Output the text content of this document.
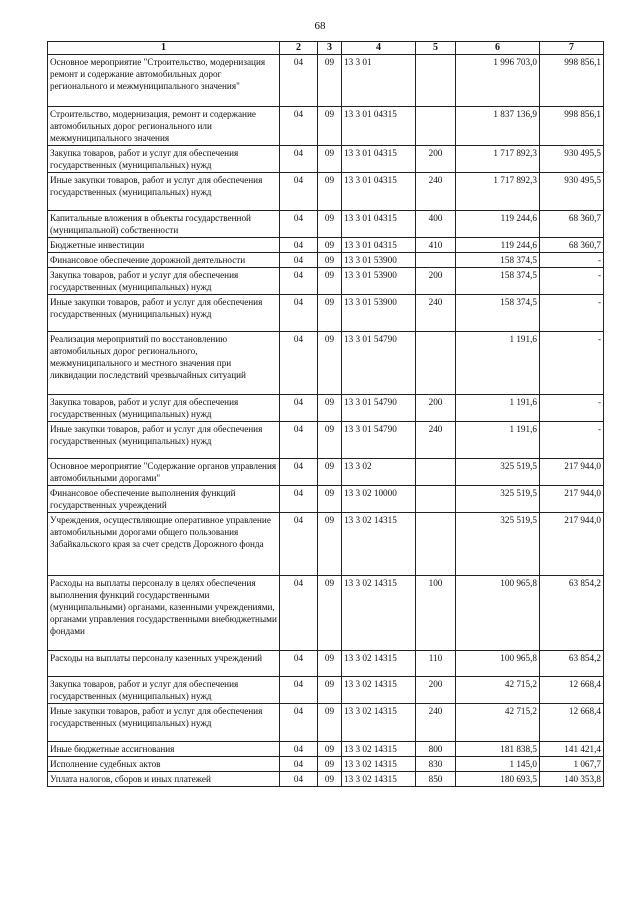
68
1	2	3	4	5	6	7
Основное мероприятие "Строительство, модернизация ремонт и содержание автомобильных дорог регионального и межмуниципального значения"	04	09	13 3 01		1 996 703,0	998 856,1
Строительство, модернизация, ремонт и содержание автомобильных дорог регионального или межмуниципального значения	04	09	13 3 01 04315		1 837 136,9	998 856,1
Закупка товаров, работ и услуг для обеспечения государственных (муниципальных) нужд	04	09	13 3 01 04315	200	1 717 892,3	930 495,5
Иные закупки товаров, работ и услуг для обеспечения государственных (муниципальных) нужд	04	09	13 3 01 04315	240	1 717 892,3	930 495,5
Капитальные вложения в объекты государственной (муниципальной) собственности	04	09	13 3 01 04315	400	119 244,6	68 360,7
Бюджетные инвестиции	04	09	13 3 01 04315	410	119 244,6	68 360,7
Финансовое обеспечение дорожной деятельности	04	09	13 3 01 53900		158 374,5	-
Закупка товаров, работ и услуг для обеспечения государственных (муниципальных) нужд	04	09	13 3 01 53900	200	158 374,5	-
Иные закупки товаров, работ и услуг для обеспечения государственных (муниципальных) нужд	04	09	13 3 01 53900	240	158 374,5	-
Реализация мероприятий по восстановлению автомобильных дорог регионального, межмуниципального и местного значения при ликвидации последствий чрезвычайных ситуаций	04	09	13 3 01 54790		1 191,6	-
Закупка товаров, работ и услуг для обеспечения государственных (муниципальных) нужд	04	09	13 3 01 54790	200	1 191,6	-
Иные закупки товаров, работ и услуг для обеспечения государственных (муниципальных) нужд	04	09	13 3 01 54790	240	1 191,6	-
Основное мероприятие "Содержание органов управления автомобильными дорогами"	04	09	13 3 02		325 519,5	217 944,0
Финансовое обеспечение выполнения функций государственных учреждений	04	09	13 3 02 10000		325 519,5	217 944,0
Учреждения, осуществляющие оперативное управление автомобильными дорогами общего пользования Забайкальского края за счет средств Дорожного фонда	04	09	13 3 02 14315		325 519,5	217 944,0
Расходы на выплаты персоналу в целях обеспечения выполнения функций государственными (муниципальными) органами, казенными учреждениями, органами управления государственными внебюджетными фондами	04	09	13 3 02 14315	100	100 965,8	63 854,2
Расходы на выплаты персоналу казенных учреждений	04	09	13 3 02 14315	110	100 965,8	63 854,2
Закупка товаров, работ и услуг для обеспечения государственных (муниципальных) нужд	04	09	13 3 02 14315	200	42 715,2	12 668,4
Иные закупки товаров, работ и услуг для обеспечения государственных (муниципальных) нужд	04	09	13 3 02 14315	240	42 715,2	12 668,4
Иные бюджетные ассигнования	04	09	13 3 02 14315	800	181 838,5	141 421,4
Исполнение судебных актов	04	09	13 3 02 14315	830	1 145,0	1 067,7
Уплата налогов, сборов и иных платежей	04	09	13 3 02 14315	850	180 693,5	140 353,8
